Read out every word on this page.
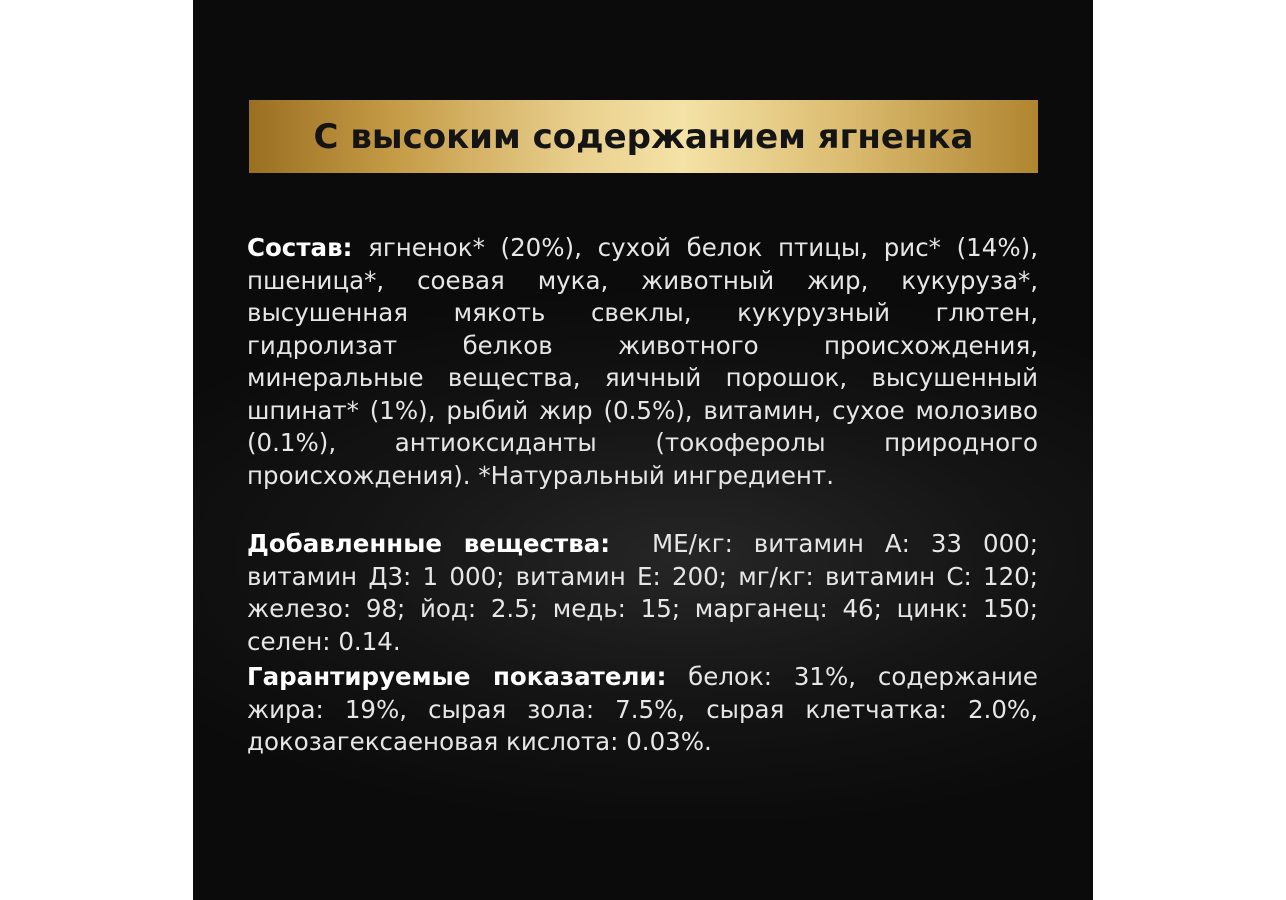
С высоким содержанием ягненка

Состав: ягненок* (20%), сухой белок птицы, рис* (14%), пшеница*, соевая мука, животный жир, кукуруза*, высушенная мякоть свеклы, кукурузный глютен, гидролизат белков животного происхождения, минеральные вещества, яичный порошок, высушенный шпинат* (1%), рыбий жир (0.5%), витамин, сухое молозиво (0.1%), антиоксиданты (токоферолы природного происхождения). *Натуральный ингредиент.

Добавленные вещества: МЕ/кг: витамин А: 33 000; витамин Д3: 1 000; витамин Е: 200; мг/кг: витамин С: 120; железо: 98; йод: 2.5; медь: 15; марганец: 46; цинк: 150; селен: 0.14.

Гарантируемые показатели: белок: 31%, содержание жира: 19%, сырая зола: 7.5%, сырая клетчатка: 2.0%, докозагексаеновая кислота: 0.03%.
